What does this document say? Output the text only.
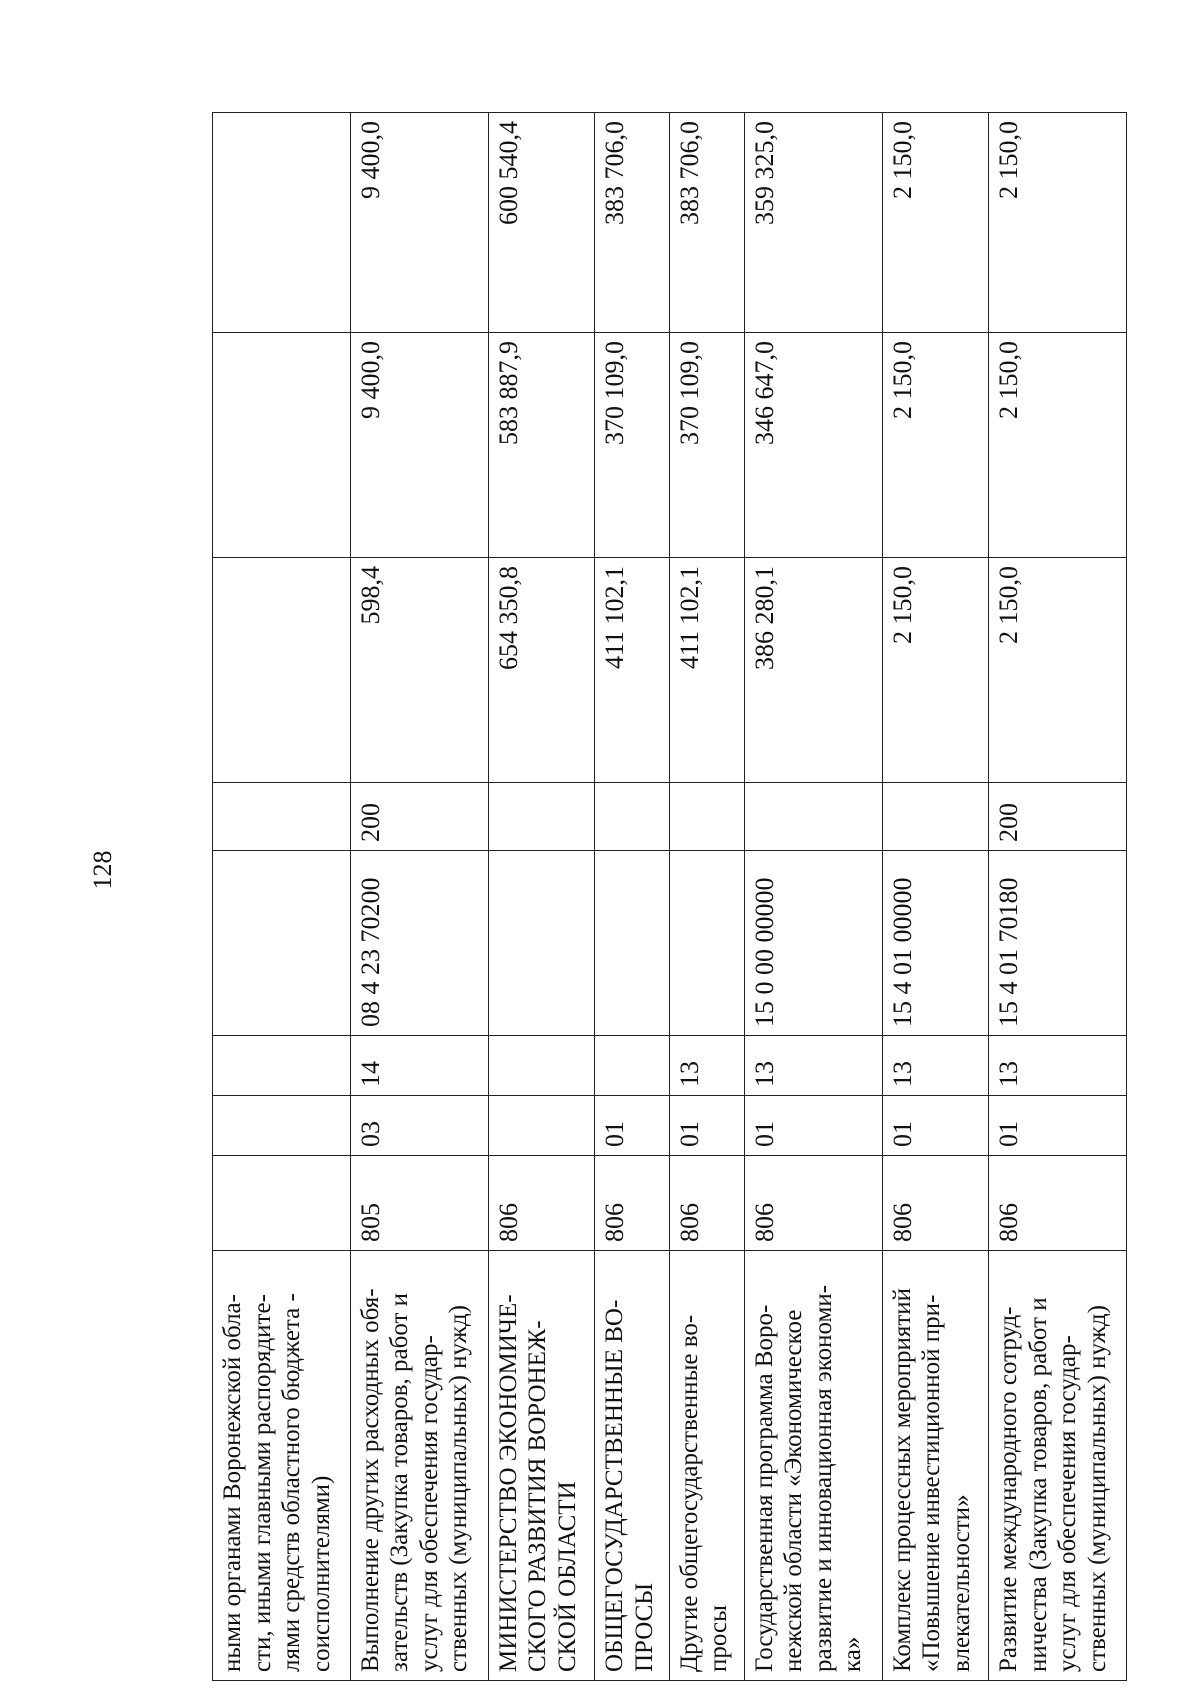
128
ными органами Воронежской обла-сти, иными главными распорядите-лями средств областного бюджета - соисполнителями)								
Выполнение других расходных обя-зательств (Закупка товаров, работ и услуг для обеспечения государ-ственных (муниципальных) нужд)	805	03	14	08 4 23 70200	200	598,4	9 400,0	9 400,0
МИНИСТЕРСТВО ЭКОНОМИЧЕ-СКОГО РАЗВИТИЯ ВОРОНЕЖ-СКОЙ ОБЛАСТИ	806					654 350,8	583 887,9	600 540,4
ОБЩЕГОСУДАРСТВЕННЫЕ ВО-ПРОСЫ	806	01				411 102,1	370 109,0	383 706,0
Другие общегосударственные во-просы	806	01	13			411 102,1	370 109,0	383 706,0
Государственная программа Воро-нежской области «Экономическое развитие и инновационная экономи-ка»	806	01	13	15 0 00 00000		386 280,1	346 647,0	359 325,0
Комплекс процессных мероприятий «Повышение инвестиционной при-влекательности»	806	01	13	15 4 01 00000		2 150,0	2 150,0	2 150,0
Развитие международного сотруд-ничества (Закупка товаров, работ и услуг для обеспечения государ-ственных (муниципальных) нужд)	806	01	13	15 4 01 70180	200	2 150,0	2 150,0	2 150,0
